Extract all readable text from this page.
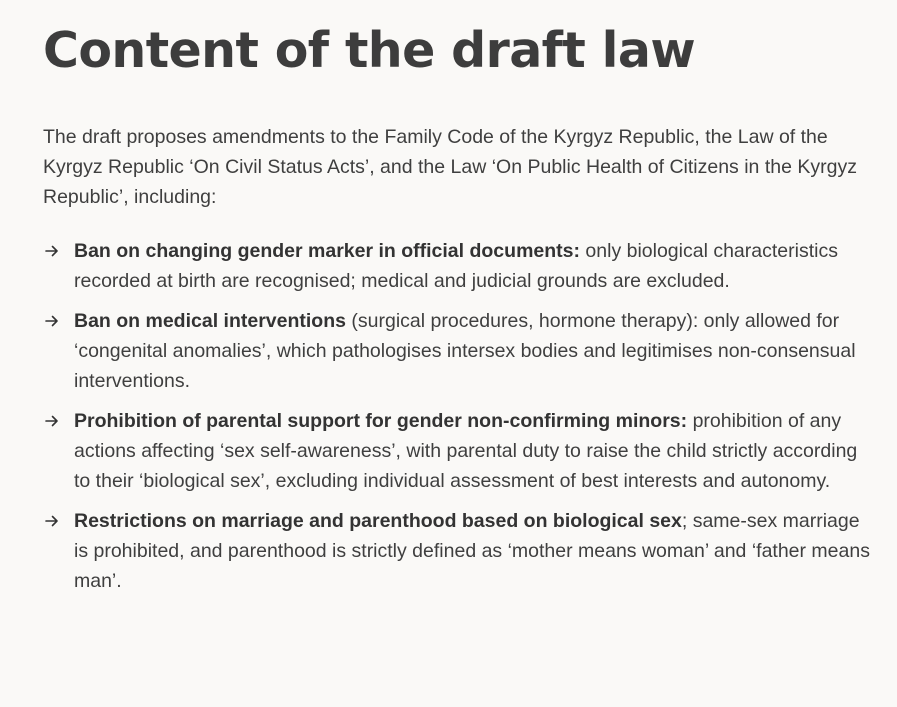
Content of the draft law

The draft proposes amendments to the Family Code of the Kyrgyz Republic, the Law of the Kyrgyz Republic ‘On Civil Status Acts’, and the Law ‘On Public Health of Citizens in the Kyrgyz Republic’, including:

Ban on changing gender marker in official documents: only biological characteristics recorded at birth are recognised; medical and judicial grounds are excluded.
Ban on medical interventions (surgical procedures, hormone therapy): only allowed for ‘congenital anomalies’, which pathologises intersex bodies and legitimises non-consensual interventions.
Prohibition of parental support for gender non-confirming minors: prohibition of any actions affecting ‘sex self-awareness’, with parental duty to raise the child strictly according to their ‘biological sex’, excluding individual assessment of best interests and autonomy.
Restrictions on marriage and parenthood based on biological sex; same-sex marriage is prohibited, and parenthood is strictly defined as ‘mother means woman’ and ‘father means man’.
